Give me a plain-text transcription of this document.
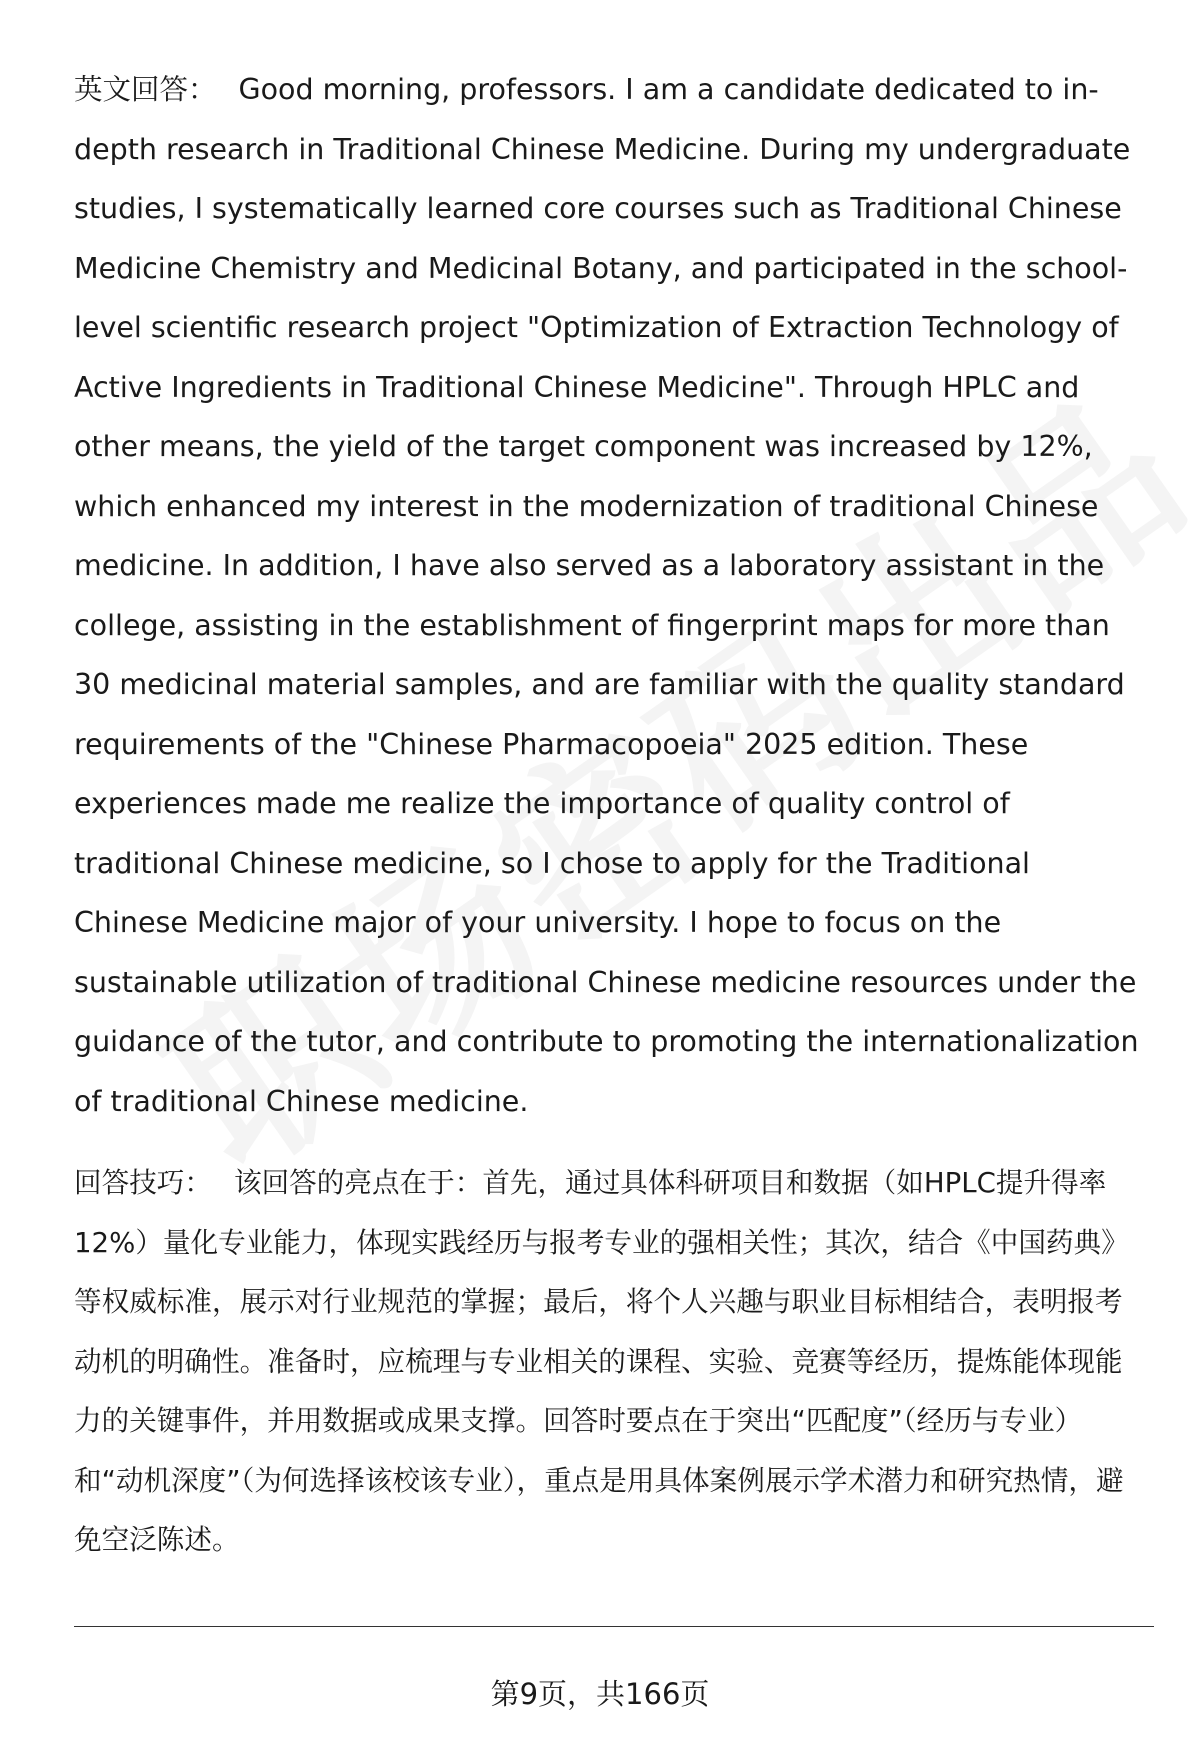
英文回答： Good morning, professors. I am a candidate dedicated to in-depth research in Traditional Chinese Medicine. During my undergraduate studies, I systematically learned core courses such as Traditional Chinese Medicine Chemistry and Medicinal Botany, and participated in the school-level scientific research project "Optimization of Extraction Technology of Active Ingredients in Traditional Chinese Medicine". Through HPLC and other means, the yield of the target component was increased by 12%, which enhanced my interest in the modernization of traditional Chinese medicine. In addition, I have also served as a laboratory assistant in the college, assisting in the establishment of fingerprint maps for more than 30 medicinal material samples, and are familiar with the quality standard requirements of the "Chinese Pharmacopoeia" 2025 edition. These experiences made me realize the importance of quality control of traditional Chinese medicine, so I chose to apply for the Traditional Chinese Medicine major of your university. I hope to focus on the sustainable utilization of traditional Chinese medicine resources under the guidance of the tutor, and contribute to promoting the internationalization of traditional Chinese medicine.

回答技巧： 该回答的亮点在于：首先，通过具体科研项目和数据（如HPLC提升得率12%）量化专业能力，体现实践经历与报考专业的强相关性；其次，结合《中国药典》等权威标准，展示对行业规范的掌握；最后，将个人兴趣与职业目标相结合，表明报考动机的明确性。准备时，应梳理与专业相关的课程、实验、竞赛等经历，提炼能体现能力的关键事件，并用数据或成果支撑。回答时要点在于突出“匹配度”（经历与专业）和“动机深度”（为何选择该校该专业），重点是用具体案例展示学术潜力和研究热情，避免空泛陈述。

第9页，共166页
